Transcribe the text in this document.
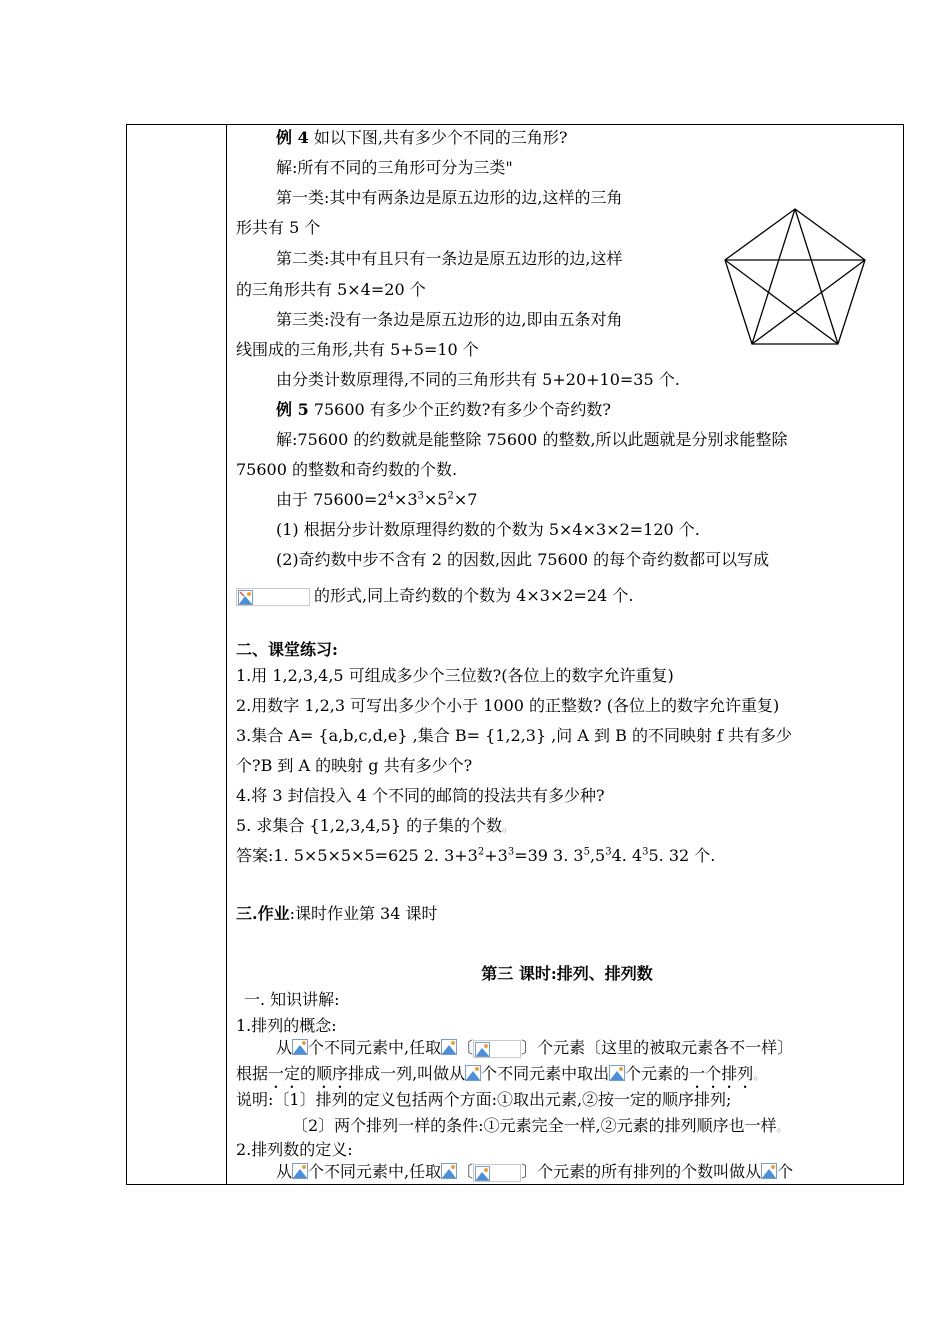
例 4 如以下图,共有多少个不同的三角形?
解:所有不同的三角形可分为三类"
第一类:其中有两条边是原五边形的边,这样的三角
形共有 5 个
第二类:其中有且只有一条边是原五边形的边,这样
的三角形共有 5×4=20 个
第三类:没有一条边是原五边形的边,即由五条对角
线围成的三角形,共有 5+5=10 个
由分类计数原理得,不同的三角形共有 5+20+10=35 个.
例 5 75600 有多少个正约数?有多少个奇约数?
解:75600 的约数就是能整除 75600 的整数,所以此题就是分别求能整除
75600 的整数和奇约数的个数.
由于 $75600=2^4\times 3^3\times 5^2\times 7$
(1) 根据分步计数原理得约数的个数为 5×4×3×2=120 个.
(2)奇约数中步不含有 2 的因数,因此 75600 的每个奇约数都可以写成
的形式,同上奇约数的个数为 4×3×2=24 个.
二、课堂练习:
1.用 1,2,3,4,5 可组成多少个三位数?(各位上的数字允许重复)
2.用数字 1,2,3 可写出多少个小于 1000 的正整数? (各位上的数字允许重复)
3.集合 A= {a,b,c,d,e} ,集合 B= {1,2,3} ,问 A 到 B 的不同映射 f 共有多少
个?B 到 A 的映射 g 共有多少个?
4.将 3 封信投入 4 个不同的邮筒的投法共有多少种?
5. 求集合 {1,2,3,4,5} 的子集的个数。
答案:1. 5×5×5×5=625 2. $3+3^2+3^3=39$ 3. $3^5,5^34$. $4^35$. 32 个.
三.作业:课时作业第 34 课时
第三 课时:排列、排列数
一. 知识讲解:
1.排列的概念:
从 个不同元素中,任取 〔	〕个元素〔这里的被取元素各不一样〕
根据一定的顺序排成一列,叫做从 个不同元素中取出 个元素的一个排列。
说明:〔1〕排列的定义包括两个方面:①取出元素,②按一定的顺序排列;
〔2〕两个排列一样的条件:①元素完全一样,②元素的排列顺序也一样。
2.排列数的定义:
从 个不同元素中,任取 〔	〕个元素的所有排列的个数叫做从 个
